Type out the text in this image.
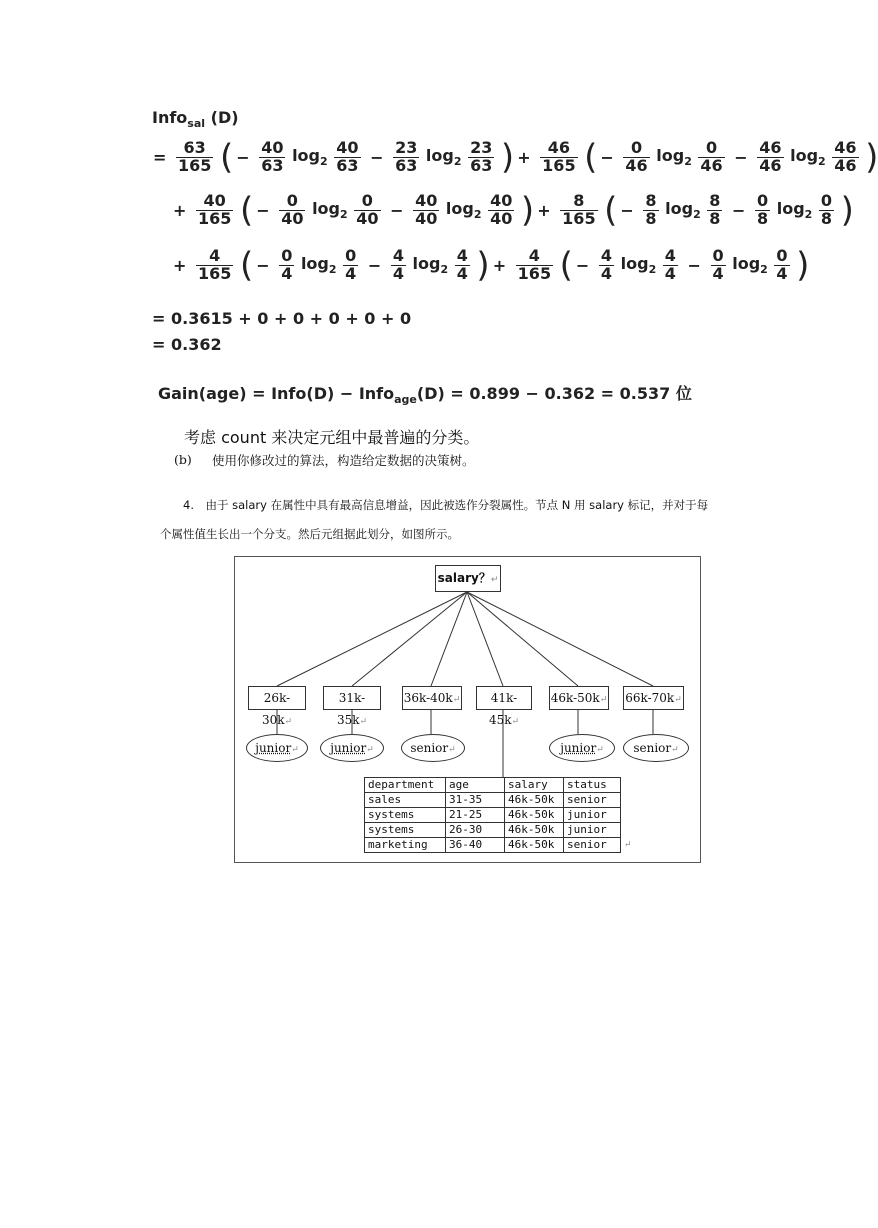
Info$_{sal}$ (D)
= $\frac{63}{165}$ ( − $\frac{40}{63} \log_2 \frac{40}{63} - \frac{23}{63} \log_2 \frac{23}{63}$ ) + $\frac{46}{165}$ ( − $\frac{0}{46} \log_2 \frac{0}{46} - \frac{46}{46} \log_2 \frac{46}{46}$ )
+ $\frac{40}{165}$ ( − $\frac{0}{40} \log_2 \frac{0}{40} - \frac{40}{40} \log_2 \frac{40}{40}$ ) + $\frac{8}{165}$ ( − $\frac{8}{8} \log_2 \frac{8}{8} - \frac{0}{8} \log_2 \frac{0}{8}$ )
+ $\frac{4}{165}$ ( − $\frac{0}{4} \log_2 \frac{0}{4} - \frac{4}{4} \log_2 \frac{4}{4}$ ) + $\frac{4}{165}$ ( − $\frac{4}{4} \log_2 \frac{4}{4} - \frac{0}{4} \log_2 \frac{0}{4}$ )
= 0.3615 + 0 + 0 + 0 + 0 + 0
= 0.362
Gain(age) = Info(D) − Info$_{age}$(D) = 0.899 − 0.362 = 0.537 位
考虑 count 来决定元组中最普遍的分类。
(b) 使用你修改过的算法，构造给定数据的决策树。
4.　由于 salary 在属性中具有最高信息增益，因此被选作分裂属性。节点 N 用 salary 标记，并对于每
个属性值生长出一个分支。然后元组据此划分，如图所示。
salary？↵
26k-30k↵
31k-35k↵
36k-40k↵	41k-45k↵
46k-50k↵ 66k-70k↵
junior↵	junior↵	senior↵	junior↵	senior↵
department	age	salary	status
sales	31-35	46k-50k	senior
systems	21-25	46k-50k	junior
systems	26-30	46k-50k	junior
marketing	36-40	46k-50k	senior ↵
